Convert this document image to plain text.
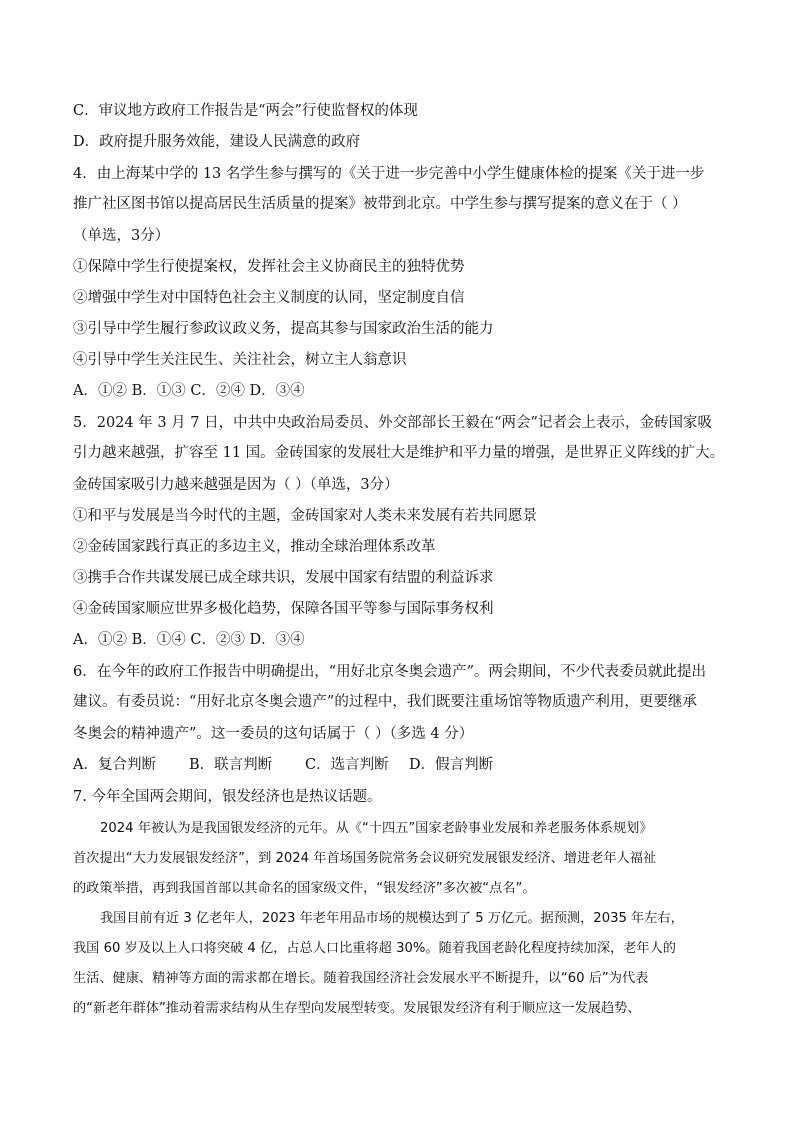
C．审议地方政府工作报告是“两会”行使监督权的体现
D．政府提升服务效能，建设人民满意的政府
4．由上海某中学的 13 名学生参与撰写的《关于进一步完善中小学生健康体检的提案《关于进一步
推广社区图书馆以提高居民生活质量的提案》被带到北京。中学生参与撰写提案的意义在于（ ）
（单选，3分）
①保障中学生行使提案权，发挥社会主义协商民主的独特优势
②增强中学生对中国特色社会主义制度的认同，坚定制度自信
③引导中学生履行参政议政义务，提高其参与国家政治生活的能力
④引导中学生关注民生、关注社会，树立主人翁意识
A．①② B．①③ C．②④ D．③④
5．2024 年 3 月 7 日，中共中央政治局委员、外交部部长王毅在“两会”记者会上表示，金砖国家吸
引力越来越强，扩容至 11 国。金砖国家的发展壮大是维护和平力量的增强，是世界正义阵线的扩大。
金砖国家吸引力越来越强是因为（ ）（单选，3分）
①和平与发展是当今时代的主题，金砖国家对人类未来发展有若共同愿景
②金砖国家践行真正的多边主义，推动全球治理体系改革
③携手合作共谋发展已成全球共识，发展中国家有结盟的利益诉求
④金砖国家顺应世界多极化趋势，保障各国平等参与国际事务权利
A．①② B．①④ C．②③ D．③④
6．在今年的政府工作报告中明确提出，“用好北京冬奥会遗产”。两会期间，不少代表委员就此提出
建议。有委员说：“用好北京冬奥会遗产”的过程中，我们既要注重场馆等物质遗产利用，更要继承
冬奥会的精神遗产”。这一委员的这句话属于（ ）（多选 4 分）
A．复合判断 B．联言判断 C．选言判断 D．假言判断
7. 今年全国两会期间，银发经济也是热议话题。
2024 年被认为是我国银发经济的元年。从《“十四五”国家老龄事业发展和养老服务体系规划》
首次提出“大力发展银发经济”，到 2024 年首场国务院常务会议研究发展银发经济、增进老年人福祉
的政策举措，再到我国首部以其命名的国家级文件，“银发经济”多次被“点名”。
我国目前有近 3 亿老年人，2023 年老年用品市场的规模达到了 5 万亿元。据预测，2035 年左右，
我国 60 岁及以上人口将突破 4 亿，占总人口比重将超 30%。随着我国老龄化程度持续加深，老年人的
生活、健康、精神等方面的需求都在增长。随着我国经济社会发展水平不断提升，以“60 后”为代表
的“新老年群体”推动着需求结构从生存型向发展型转变。发展银发经济有利于顺应这一发展趋势、
